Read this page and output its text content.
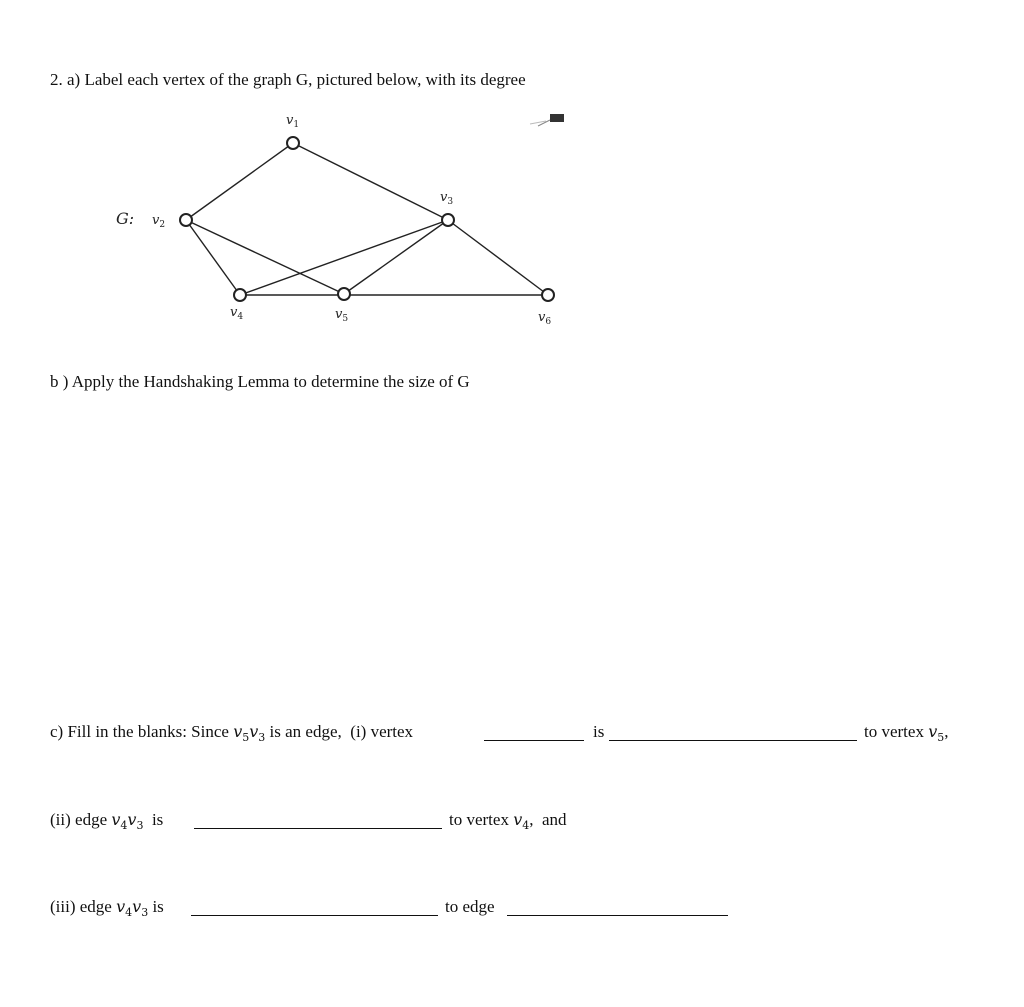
2. a) Label each vertex of the graph G, pictured below, with its degree
G:
$v_1$
$v_2$
$v_3$
$v_4$	$v_5$	$v_6$
b ) Apply the Handshaking Lemma to determine the size of G
c) Fill in the blanks: Since $v_5v_3$ is an edge, (i) vertex	is	to vertex $v_5$,
(ii) edge $v_4v_3$ is	to vertex $v_4$, and
(iii) edge $v_4v_3$ is	to edge
